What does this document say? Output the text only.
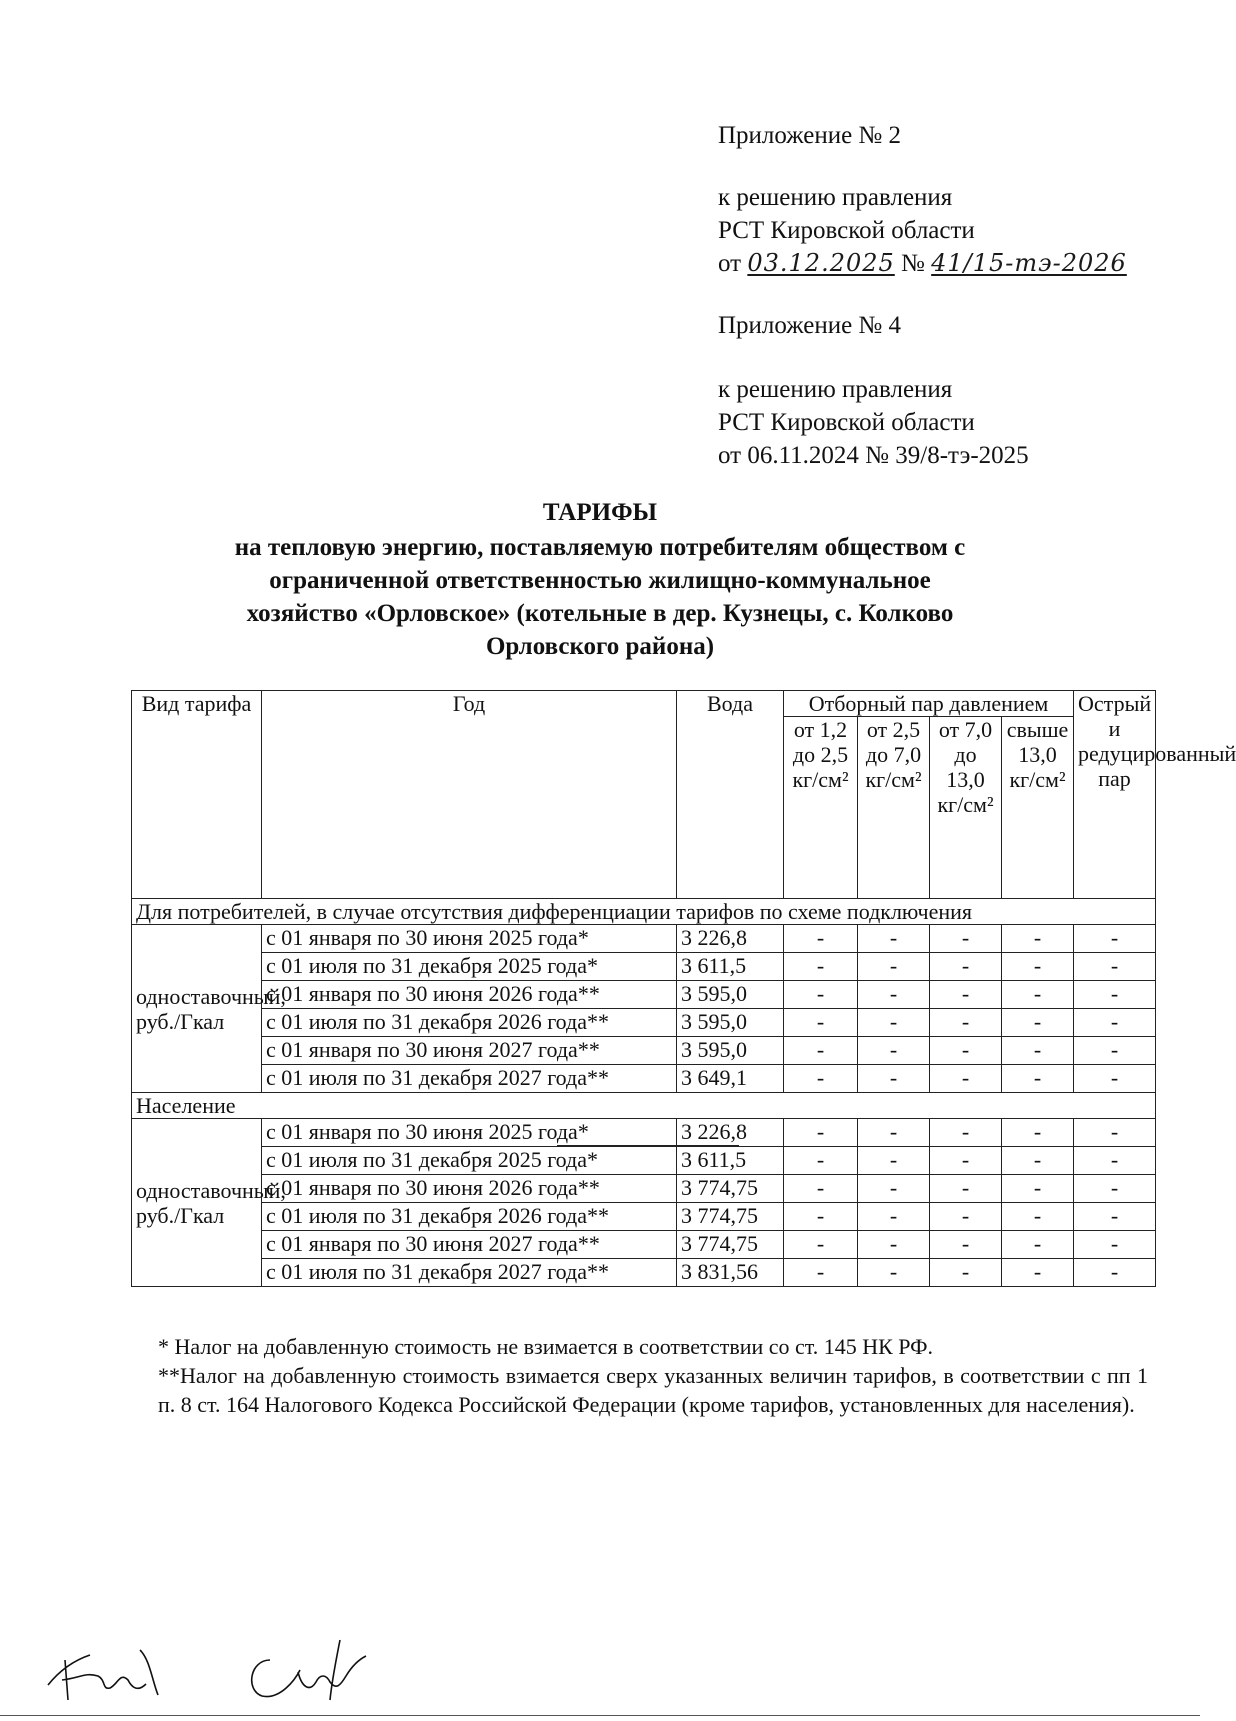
Приложение № 2
к решению правления
РСТ Кировской области
от 03.12.2025 № 41/15-тэ-2026
Приложение № 4
к решению правления
РСТ Кировской области
от 06.11.2024 № 39/8-тэ-2025
ТАРИФЫ
на тепловую энергию, поставляемую потребителям обществом с
ограниченной ответственностью жилищно-коммунальное
хозяйство «Орловское» (котельные в дер. Кузнецы, с. Колково
Орловского района)
Вид тарифа	Год	Вода	Отборный пар давлением				Острый и редуцированный пар
			от 1,2 до 2,5 кг/см²	от 2,5 до 7,0 кг/см²	от 7,0 до 13,0 кг/см²	свыше 13,0 кг/см²	
Для потребителей, в случае отсутствия дифференциации тарифов по схеме подключения							
одноставочный, руб./Гкал	с 01 января по 30 июня 2025 года*	3 226,8	-	-	-	-	-
	с 01 июля по 31 декабря 2025 года*	3 611,5	-	-	-	-	-
	с 01 января по 30 июня 2026 года**	3 595,0	-	-	-	-	-
	с 01 июля по 31 декабря 2026 года**	3 595,0	-	-	-	-	-
	с 01 января по 30 июня 2027 года**	3 595,0	-	-	-	-	-
	с 01 июля по 31 декабря 2027 года**	3 649,1	-	-	-	-	-
Население							
одноставочный, руб./Гкал	с 01 января по 30 июня 2025 года*	3 226,8	-	-	-	-	-
	с 01 июля по 31 декабря 2025 года*	3 611,5	-	-	-	-	-
	с 01 января по 30 июня 2026 года**	3 774,75	-	-	-	-	-
	с 01 июля по 31 декабря 2026 года**	3 774,75	-	-	-	-	-
	с 01 января по 30 июня 2027 года**	3 774,75	-	-	-	-	-
	с 01 июля по 31 декабря 2027 года**	3 831,56	-	-	-	-	-

* Налог на добавленную стоимость не взимается в соответствии со ст. 145 НК РФ.

**Налог на добавленную стоимость взимается сверх указанных величин тарифов, в соответствии с пп 1 п. 8 ст. 164 Налогового Кодекса Российской Федерации (кроме тарифов, установленных для населения).
